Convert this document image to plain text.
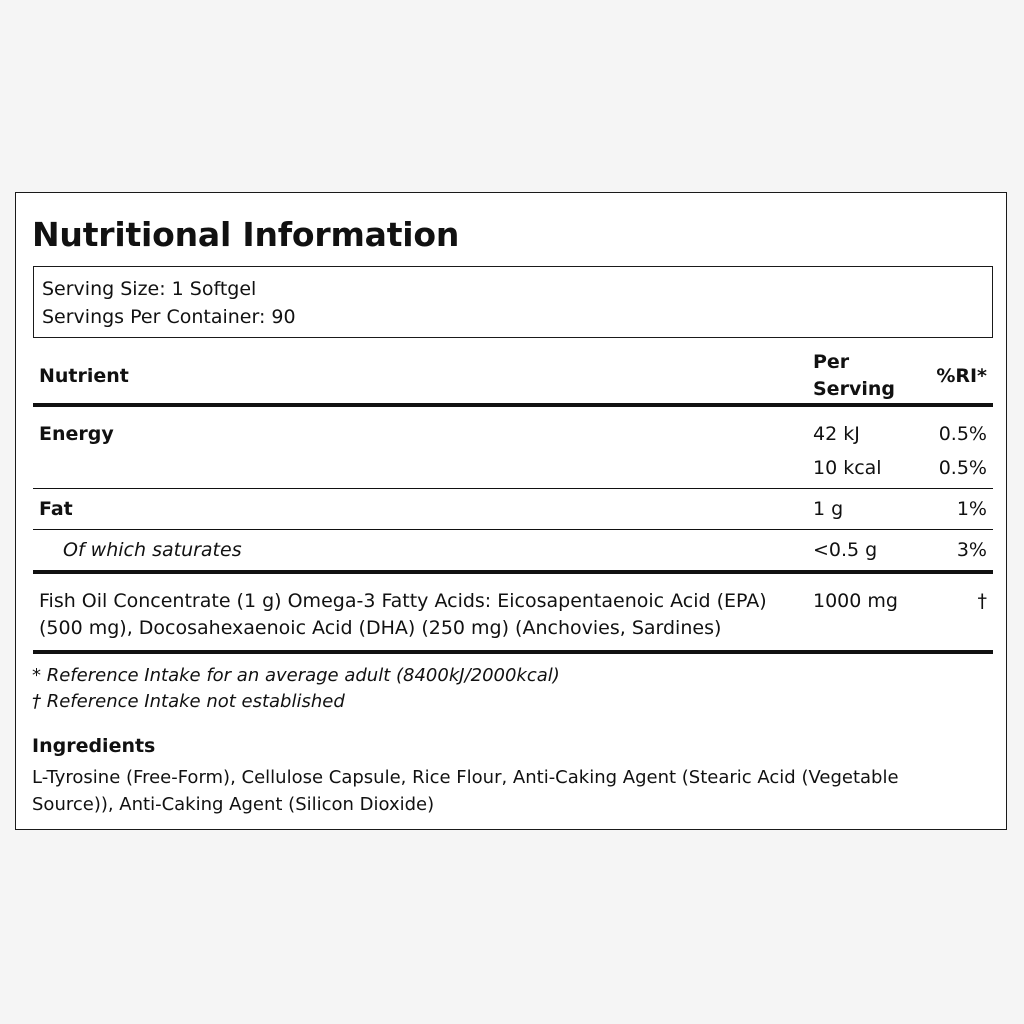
Nutritional Information
Serving Size: 1 Softgel
Servings Per Container: 90
Nutrient	Per Serving	%RI*
Energy	42 kJ	0.5%
	10 kcal	0.5%
Fat	1 g	1%
Of which saturates	<0.5 g	3%
Fish Oil Concentrate (1 g) Omega-3 Fatty Acids: Eicosapentaenoic Acid (EPA) (500 mg), Docosahexaenoic Acid (DHA) (250 mg) (Anchovies, Sardines)	1000 mg	†
* Reference Intake for an average adult (8400kJ/2000kcal)
† Reference Intake not established
Ingredients
L-Tyrosine (Free-Form), Cellulose Capsule, Rice Flour, Anti-Caking Agent (Stearic Acid (Vegetable Source)), Anti-Caking Agent (Silicon Dioxide)
